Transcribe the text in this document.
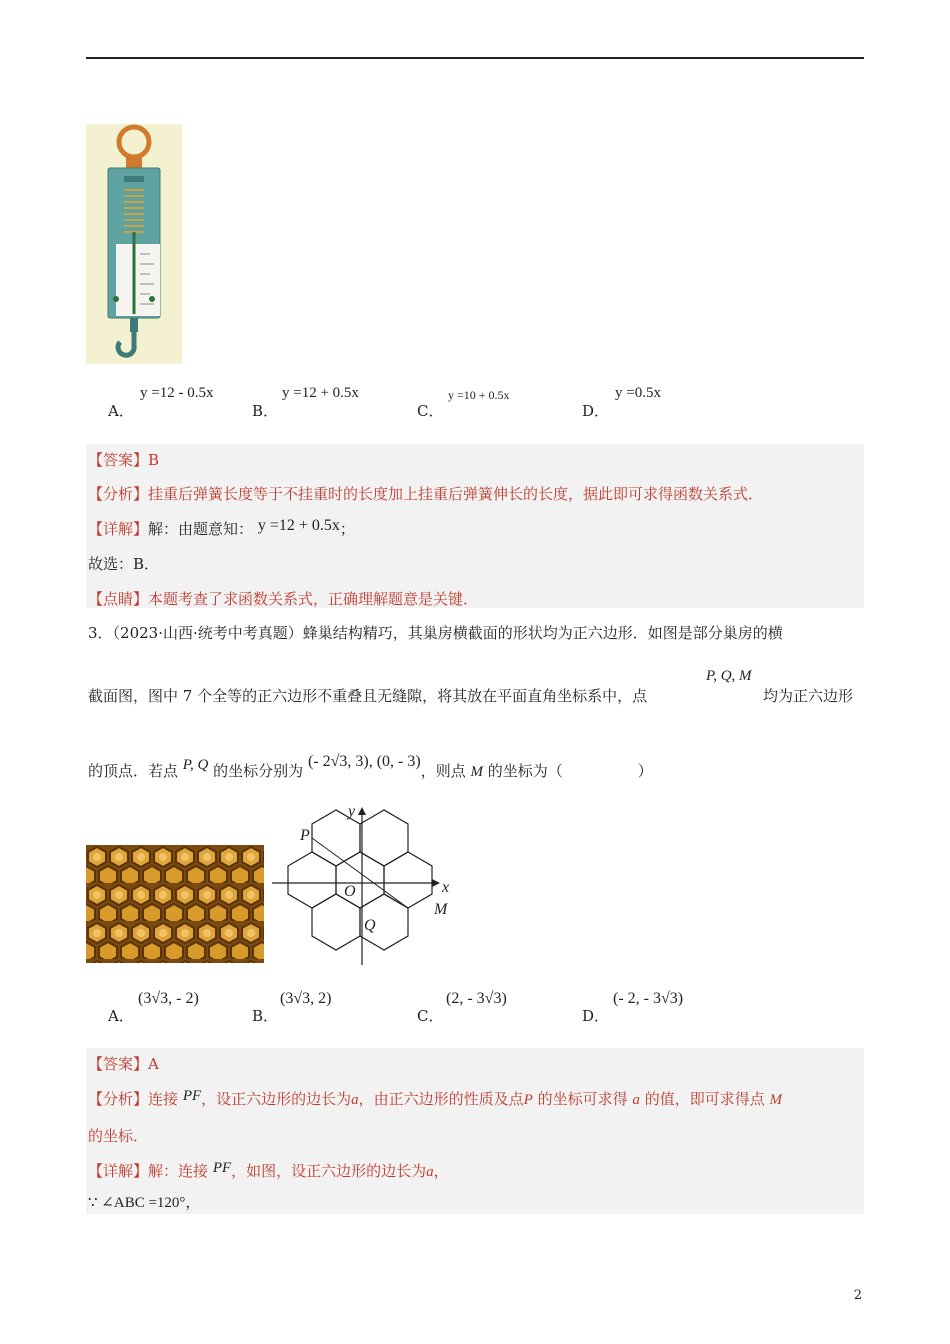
A．
y =12 - 0.5x
B．
y =12 + 0.5x
C．
y =10 + 0.5x
D．
y =0.5x
【答案】B
【分析】挂重后弹簧长度等于不挂重时的长度加上挂重后弹簧伸长的长度，据此即可求得函数关系式．
【详解】解：由题意知： y =12 + 0.5x；
故选：B．
【点睛】本题考查了求函数关系式，正确理解题意是关键．
3．（2023·山西·统考中考真题）蜂巢结构精巧，其巢房横截面的形状均为正六边形．如图是部分巢房的横
P, Q, M
截面图，图中 7 个全等的正六边形不重叠且无缝隙，将其放在平面直角坐标系中，点	均为正六边形
的顶点．若点 P, Q 的坐标分别为 (- 2√3, 3), (0, - 3)，则点 M 的坐标为（　　　　　）
y
x
P
O
M
Q
A．
(3√3, - 2)
B．
(3√3, 2)
C．
(2, - 3√3)
D．
(- 2, - 3√3)
【答案】A
【分析】连接 PF，设正六边形的边长为a，由正六边形的性质及点P 的坐标可求得 a 的值，即可求得点 M
的坐标．
【详解】解：连接 PF，如图，设正六边形的边长为a，
∵ ∠ABC =120°，
2
